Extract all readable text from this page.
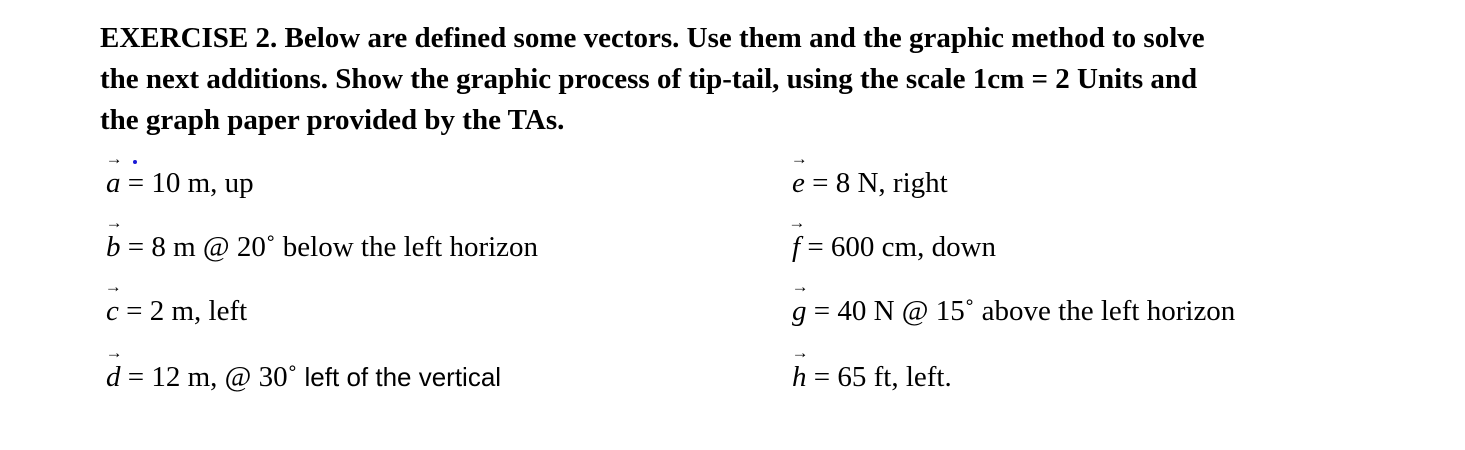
EXERCISE 2. Below are defined some vectors. Use them and the graphic method to solve
the next additions. Show the graphic process of tip-tail, using the scale 1cm = 2 Units and
the graph paper provided by the TAs.
→
a = 10 m, up
→
b = 8 m @ 20˚ below the left horizon
→
c = 2 m, left
→
d = 12 m, @ 30˚ left of the vertical
→
e = 8 N, right
→
f = 600 cm, down
→
g = 40 N @ 15˚ above the left horizon
→
h = 65 ft, left.
